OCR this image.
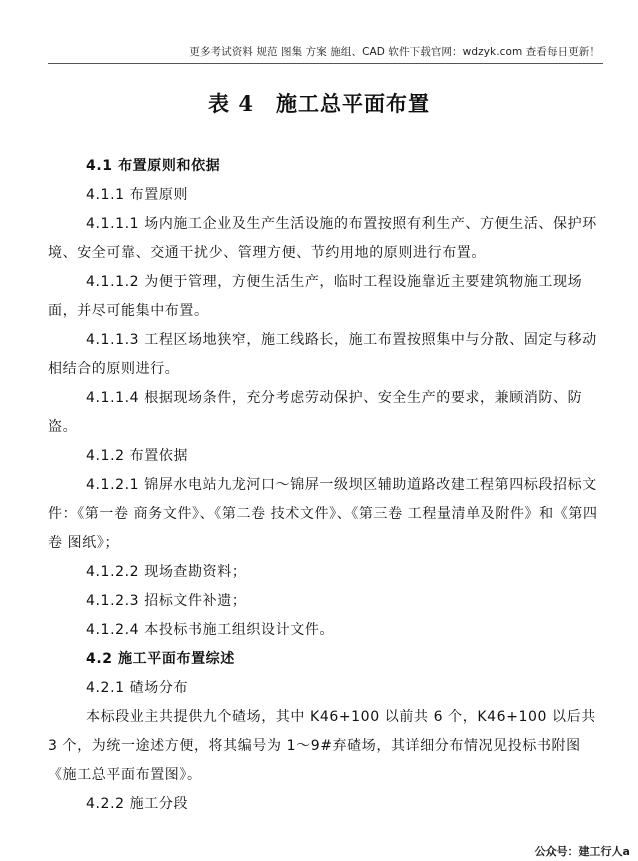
更多考试资料 规范 图集 方案 施组、CAD 软件下载官网：wdzyk.com 查看每日更新！
表 4　施工总平面布置

4.1 布置原则和依据

4.1.1 布置原则

4.1.1.1 场内施工企业及生产生活设施的布置按照有利生产、方便生活、保护环境、安全可靠、交通干扰少、管理方便、节约用地的原则进行布置。

4.1.1.2 为便于管理，方便生活生产，临时工程设施靠近主要建筑物施工现场面，并尽可能集中布置。

4.1.1.3 工程区场地狭窄，施工线路长，施工布置按照集中与分散、固定与移动相结合的原则进行。

4.1.1.4 根据现场条件，充分考虑劳动保护、安全生产的要求，兼顾消防、防盗。

4.1.2 布置依据

4.1.2.1 锦屏水电站九龙河口～锦屏一级坝区辅助道路改建工程第四标段招标文件：《第一卷 商务文件》、《第二卷 技术文件》、《第三卷 工程量清单及附件》和《第四卷 图纸》；

4.1.2.2 现场查勘资料；

4.1.2.3 招标文件补遗；

4.1.2.4 本投标书施工组织设计文件。

4.2 施工平面布置综述

4.2.1 碴场分布

本标段业主共提供九个碴场，其中 K46+100 以前共 6 个，K46+100 以后共 3 个，为统一途述方便，将其编号为 1～9#弃碴场，其详细分布情况见投标书附图《施工总平面布置图》。

4.2.2 施工分段

公众号：建工行人a
